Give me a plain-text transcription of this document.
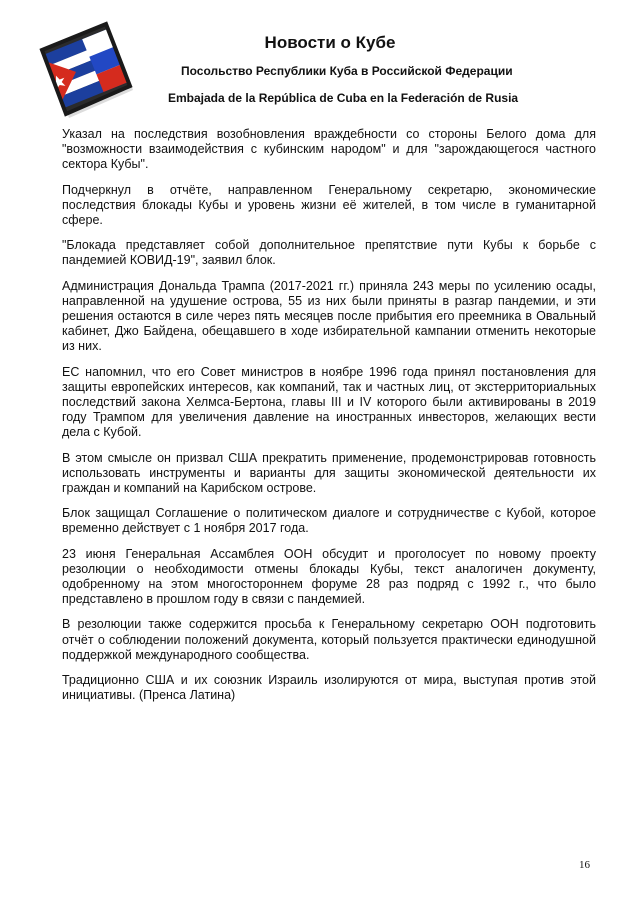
Новости о Кубе
Посольство Республики Куба в Российской Федерации
Embajada de la República de Cuba en la Federación de Rusia

Указал на последствия возобновления враждебности со стороны Белого дома для "возможности взаимодействия с кубинским народом" и для "зарождающегося частного сектора Кубы".

Подчеркнул в отчёте, направленном Генеральному секретарю, экономические последствия блокады Кубы и уровень жизни её жителей, в том числе в гуманитарной сфере.

"Блокада представляет собой дополнительное препятствие пути Кубы к борьбе с пандемией КОВИД-19", заявил блок.

Администрация Дональда Трампа (2017-2021 гг.) приняла 243 меры по усилению осады, направленной на удушение острова, 55 из них были приняты в разгар пандемии, и эти решения остаются в силе через пять месяцев после прибытия его преемника в Овальный кабинет, Джо Байдена, обещавшего в ходе избирательной кампании отменить некоторые из них.

ЕС напомнил, что его Совет министров в ноябре 1996 года принял постановления для защиты европейских интересов, как компаний, так и частных лиц, от экстерриториальных последствий закона Хелмса-Бертона, главы III и IV которого были активированы в 2019 году Трампом для увеличения давление на иностранных инвесторов, желающих вести дела с Кубой.

В этом смысле он призвал США прекратить применение, продемонстрировав готовность использовать инструменты и варианты для защиты экономической деятельности их граждан и компаний на Карибском острове.

Блок защищал Соглашение о политическом диалоге и сотрудничестве с Кубой, которое временно действует с 1 ноября 2017 года.

23 июня Генеральная Ассамблея ООН обсудит и проголосует по новому проекту резолюции о необходимости отмены блокады Кубы, текст аналогичен документу, одобренному на этом многостороннем форуме 28 раз подряд с 1992 г., что было представлено в прошлом году в связи с пандемией.

В резолюции также содержится просьба к Генеральному секретарю ООН подготовить отчёт о соблюдении положений документа, который пользуется практически единодушной поддержкой международного сообщества.

Традиционно США и их союзник Израиль изолируются от мира, выступая против этой инициативы. (Пренса Латина)

16
